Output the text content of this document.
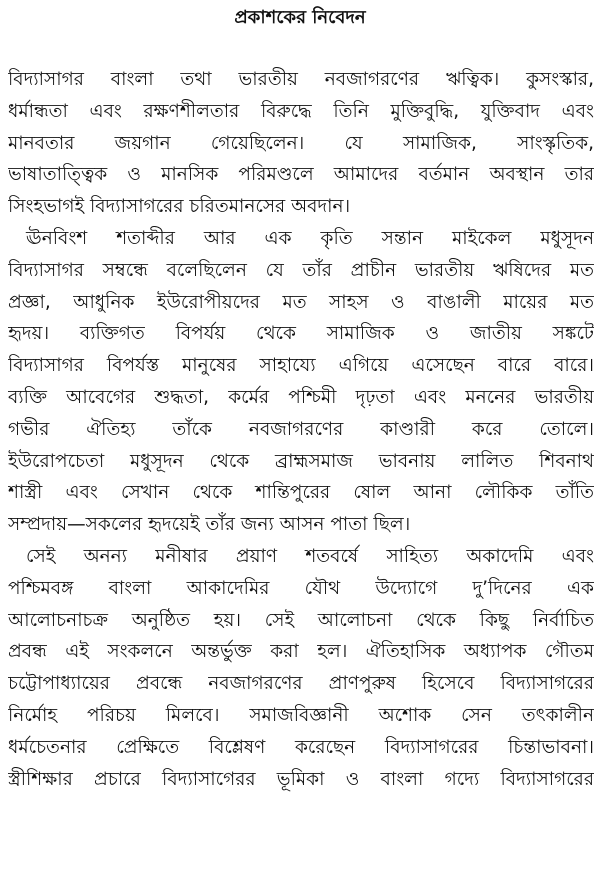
প্রকাশকের নিবেদন

বিদ্যাসাগর বাংলা তথা ভারতীয় নবজাগরণের ঋত্বিক। কুসংস্কার,
ধর্মান্ধতা এবং রক্ষণশীলতার বিরুদ্ধে তিনি মুক্তিবুদ্ধি, যুক্তিবাদ এবং
মানবতার জয়গান গেয়েছিলেন। যে সামাজিক, সাংস্কৃতিক,
ভাষাতাত্ত্বিক ও মানসিক পরিমণ্ডলে আমাদের বর্তমান অবস্থান তার
সিংহভাগই বিদ্যাসাগরের চরিতমানসের অবদান।

ঊনবিংশ শতাব্দীর আর এক কৃতি সন্তান মাইকেল মধুসূদন
বিদ্যাসাগর সম্বন্ধে বলেছিলেন যে তাঁর প্রাচীন ভারতীয় ঋষিদের মত
প্রজ্ঞা, আধুনিক ইউরোপীয়দের মত সাহস ও বাঙালী মায়ের মত
হৃদয়। ব্যক্তিগত বিপর্যয় থেকে সামাজিক ও জাতীয় সঙ্কটে
বিদ্যাসাগর বিপর্যস্ত মানুষের সাহায্যে এগিয়ে এসেছেন বারে বারে।
ব্যক্তি আবেগের শুদ্ধতা, কর্মের পশ্চিমী দৃঢ়তা এবং মননের ভারতীয়
গভীর ঐতিহ্য তাঁকে নবজাগরণের কাণ্ডারী করে তোলে।
ইউরোপচেতা মধুসূদন থেকে ব্রাহ্মসমাজ ভাবনায় লালিত শিবনাথ
শাস্ত্রী এবং সেখান থেকে শান্তিপুরের ষোল আনা লৌকিক তাঁতি
সম্প্রদায়—সকলের হৃদয়েই তাঁর জন্য আসন পাতা ছিল।

সেই অনন্য মনীষার প্রয়াণ শতবর্ষে সাহিত্য অকাদেমি এবং
পশ্চিমবঙ্গ বাংলা আকাদেমির যৌথ উদ্যোগে দু’দিনের এক
আলোচনাচক্র অনুষ্ঠিত হয়। সেই আলোচনা থেকে কিছু নির্বাচিত
প্রবন্ধ এই সংকলনে অন্তর্ভুক্ত করা হল। ঐতিহাসিক অধ্যাপক গৌতম
চট্টোপাধ্যায়ের প্রবন্ধে নবজাগরণের প্রাণপুরুষ হিসেবে বিদ্যাসাগরের
নির্মোহ পরিচয় মিলবে। সমাজবিজ্ঞানী অশোক সেন তৎকালীন
ধর্মচেতনার প্রেক্ষিতে বিশ্লেষণ করেছেন বিদ্যাসাগরের চিন্তাভাবনা।
স্ত্রীশিক্ষার প্রচারে বিদ্যাসাগেরর ভূমিকা ও বাংলা গদ্যে বিদ্যাসাগরের
